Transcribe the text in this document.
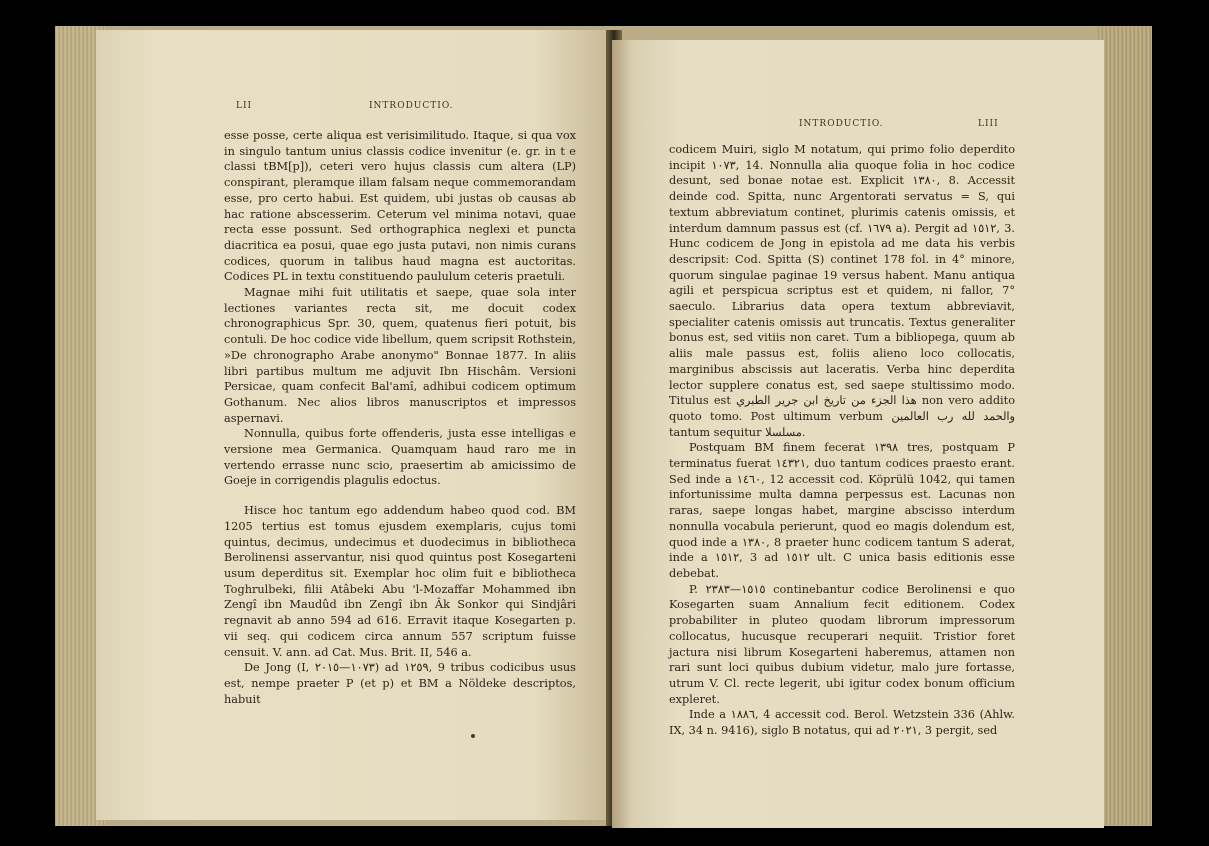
LII	INTRODUCTIO.

esse posse, certe aliqua est verisimilitudo. Itaque, si qua vox in singulo tantum unius classis codice invenitur (e. gr. in t e classi tBM[p]), ceteri vero hujus classis cum altera (LP) conspirant, pleramque illam falsam neque commemorandam esse, pro certo habui. Est quidem, ubi justas ob causas ab hac ratione abscesserim. Ceterum vel minima notavi, quae recta esse possunt. Sed orthographica neglexi et puncta diacritica ea posui, quae ego justa putavi, non nimis curans codices, quorum in talibus haud magna est auctoritas. Codices PL in textu constituendo paululum ceteris praetuli.

Magnae mihi fuit utilitatis et saepe, quae sola inter lectiones variantes recta sit, me docuit codex chronographicus Spr. 30, quem, quatenus fieri potuit, bis contuli. De hoc codice vide libellum, quem scripsit Rothstein, »De chronographo Arabe anonymo" Bonnae 1877. In aliis libri partibus multum me adjuvit Ibn Hischâm. Versioni Persicae, quam confecit Bal'amî, adhibui codicem optimum Gothanum. Nec alios libros manuscriptos et impressos aspernavi.

Nonnulla, quibus forte offenderis, justa esse intelligas e versione mea Germanica. Quamquam haud raro me in vertendo errasse nunc scio, praesertim ab amicissimo de Goeje in corrigendis plagulis edoctus.

Hisce hoc tantum ego addendum habeo quod cod. BM 1205 tertius est tomus ejusdem exemplaris, cujus tomi quintus, decimus, undecimus et duodecimus in bibliotheca Berolinensi asservantur, nisi quod quintus post Kosegarteni usum deperditus sit. Exemplar hoc olim fuit e bibliotheca Toghrulbeki, filii Atâbeki Abu 'l-Mozaffar Mohammed ibn Zengî ibn Maudûd ibn Zengî ibn Âk Sonkor qui Sindjâri regnavit ab anno 594 ad 616. Erravit itaque Kosegarten p. vii seq. qui codicem circa annum 557 scriptum fuisse censuit. V. ann. ad Cat. Mus. Brit. II, 546 a.

De Jong (I, ١٠٧٣—٢٠١٥) ad ١٢٥٩, 9 tribus codicibus usus est, nempe praeter P (et p) et BM a Nöldeke descriptos, habuit

INTRODUCTIO.	LIII

codicem Muiri, siglo M notatum, qui primo folio deperdito incipit ١٠٧٣, 14. Nonnulla alia quoque folia in hoc codice desunt, sed bonae notae est. Explicit ١٣٨٠, 8. Accessit deinde cod. Spitta, nunc Argentorati servatus = S, qui textum abbreviatum continet, plurimis catenis omissis, et interdum damnum passus est (cf. ١٦٧٩ a). Pergit ad ١٥١٢, 3. Hunc codicem de Jong in epistola ad me data his verbis descripsit: Cod. Spitta (S) continet 178 fol. in 4° minore, quorum singulae paginae 19 versus habent. Manu antiqua agili et perspicua scriptus est et quidem, ni fallor, 7° saeculo. Librarius data opera textum abbreviavit, specialiter catenis omissis aut truncatis. Textus generaliter bonus est, sed vitiis non caret. Tum a bibliopega, quum ab aliis male passus est, foliis alieno loco collocatis, marginibus abscissis aut laceratis. Verba hinc deperdita lector supplere conatus est, sed saepe stultissimo modo. Titulus est هذا الجزء من تاريخ ابن جرير الطبري non vero addito quoto tomo. Post ultimum verbum والحمد لله رب العالمين tantum sequitur مسلسلا.

Postquam BM finem fecerat ١٣٩٨ tres, postquam P terminatus fuerat ١٤٣٢١, duo tantum codices praesto erant. Sed inde a ١٤٦٠, 12 accessit cod. Köprülü 1042, qui tamen infortunissime multa damna perpessus est. Lacunas non raras, saepe longas habet, margine abscisso interdum nonnulla vocabula perierunt, quod eo magis dolendum est, quod inde a ١٣٨٠, 8 praeter hunc codicem tantum S aderat, inde a ١٥١٢, 3 ad ١٥١٢ ult. C unica basis editionis esse debebat.

P. ١٥١٥—٢٣٨٣ continebantur codice Berolinensi e quo Kosegarten suam Annalium fecit editionem. Codex probabiliter in pluteo quodam librorum impressorum collocatus, hucusque recuperari nequiit. Tristior foret jactura nisi librum Kosegarteni haberemus, attamen non rari sunt loci quibus dubium videtur, malo jure fortasse, utrum V. Cl. recte legerit, ubi igitur codex bonum officium expleret.

Inde a ١٨٨٦, 4 accessit cod. Berol. Wetzstein 336 (Ahlw. IX, 34 n. 9416), siglo B notatus, qui ad ٢٠٢١, 3 pergit, sed
